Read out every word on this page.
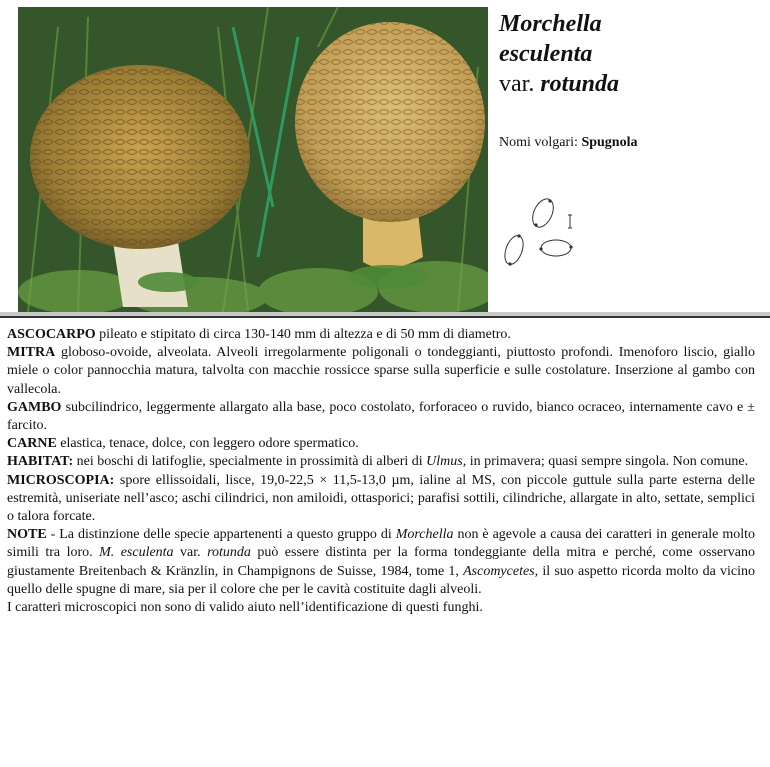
Morchella
esculenta
var. rotunda
Nomi volgari: Spugnola

ASCOCARPO pileato e stipitato di circa 130-140 mm di altezza e di 50 mm di diametro.

MITRA globoso-ovoide, alveolata. Alveoli irregolarmente poligonali o tondeggianti, piuttosto profondi. Imenoforo liscio, giallo miele o color pannocchia matura, talvolta con macchie rossicce sparse sulla superficie e sulle costolature. Inserzione al gambo con vallecola.

GAMBO subcilindrico, leggermente allargato alla base, poco costolato, forforaceo o ruvido, bianco ocraceo, internamente cavo e ± farcito.

CARNE elastica, tenace, dolce, con leggero odore spermatico.

HABITAT: nei boschi di latifoglie, specialmente in prossimità di alberi di Ulmus, in primavera; quasi sempre singola. Non comune.

MICROSCOPIA: spore ellissoidali, lisce, 19,0-22,5 × 11,5-13,0 µm, ialine al MS, con piccole guttule sulla parte esterna delle estremità, uniseriate nell’asco; aschi cilindrici, non amiloidi, ottasporici; parafisi sottili, cilindriche, allargate in alto, settate, semplici o talora forcate.

NOTE - La distinzione delle specie appartenenti a questo gruppo di Morchella non è agevole a causa dei caratteri in generale molto simili tra loro. M. esculenta var. rotunda può essere distinta per la forma tondeggiante della mitra e perché, come osservano giustamente Breitenbach & Kränzlin, in Champignons de Suisse, 1984, tome 1, Ascomycetes, il suo aspetto ricorda molto da vicino quello delle spugne di mare, sia per il colore che per le cavità costituite dagli alveoli.

I caratteri microscopici non sono di valido aiuto nell’identificazione di questi funghi.
